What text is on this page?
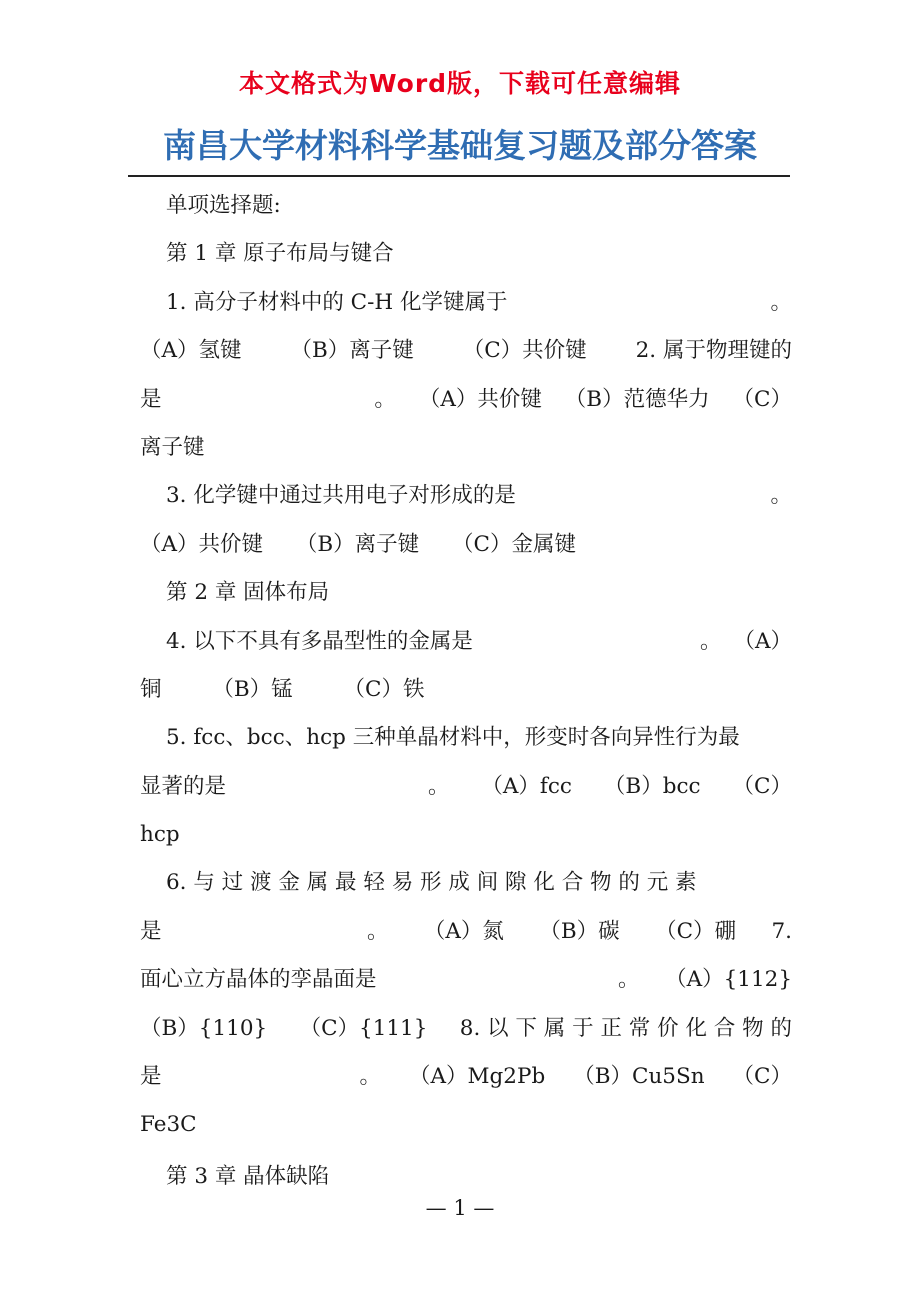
本文格式为Word版，下载可任意编辑
南昌大学材料科学基础复习题及部分答案
单项选择题:
第 1 章 原子布局与键合
1. 高分子材料中的 C-H 化学键属于	。
（A）氢键 （B）离子键 （C）共价键 2. 属于物理键的
是	。 （A）共价键 （B）范德华力 （C）
离子键
3. 化学键中通过共用电子对形成的是	。
（A）共价键 （B）离子键 （C）金属键
第 2 章 固体布局
4. 以下不具有多晶型性的金属是	。 （A）
铜 （B）锰 （C）铁
5. fcc、bcc、hcp 三种单晶材料中，形变时各向异性行为最
显著的是	。 （A）fcc （B）bcc （C）
hcp
6. 与 过 渡 金 属 最 轻 易 形 成 间 隙 化 合 物 的 元 素
是	。 （A）氮 （B）碳 （C）硼 7.
面心立方晶体的孪晶面是	。 （A）{112}
（B）{110} （C）{111} 8. 以 下 属 于 正 常 价 化 合 物 的
是	。 （A）Mg2Pb （B）Cu5Sn （C）
Fe3C
第 3 章 晶体缺陷
— 1 —
